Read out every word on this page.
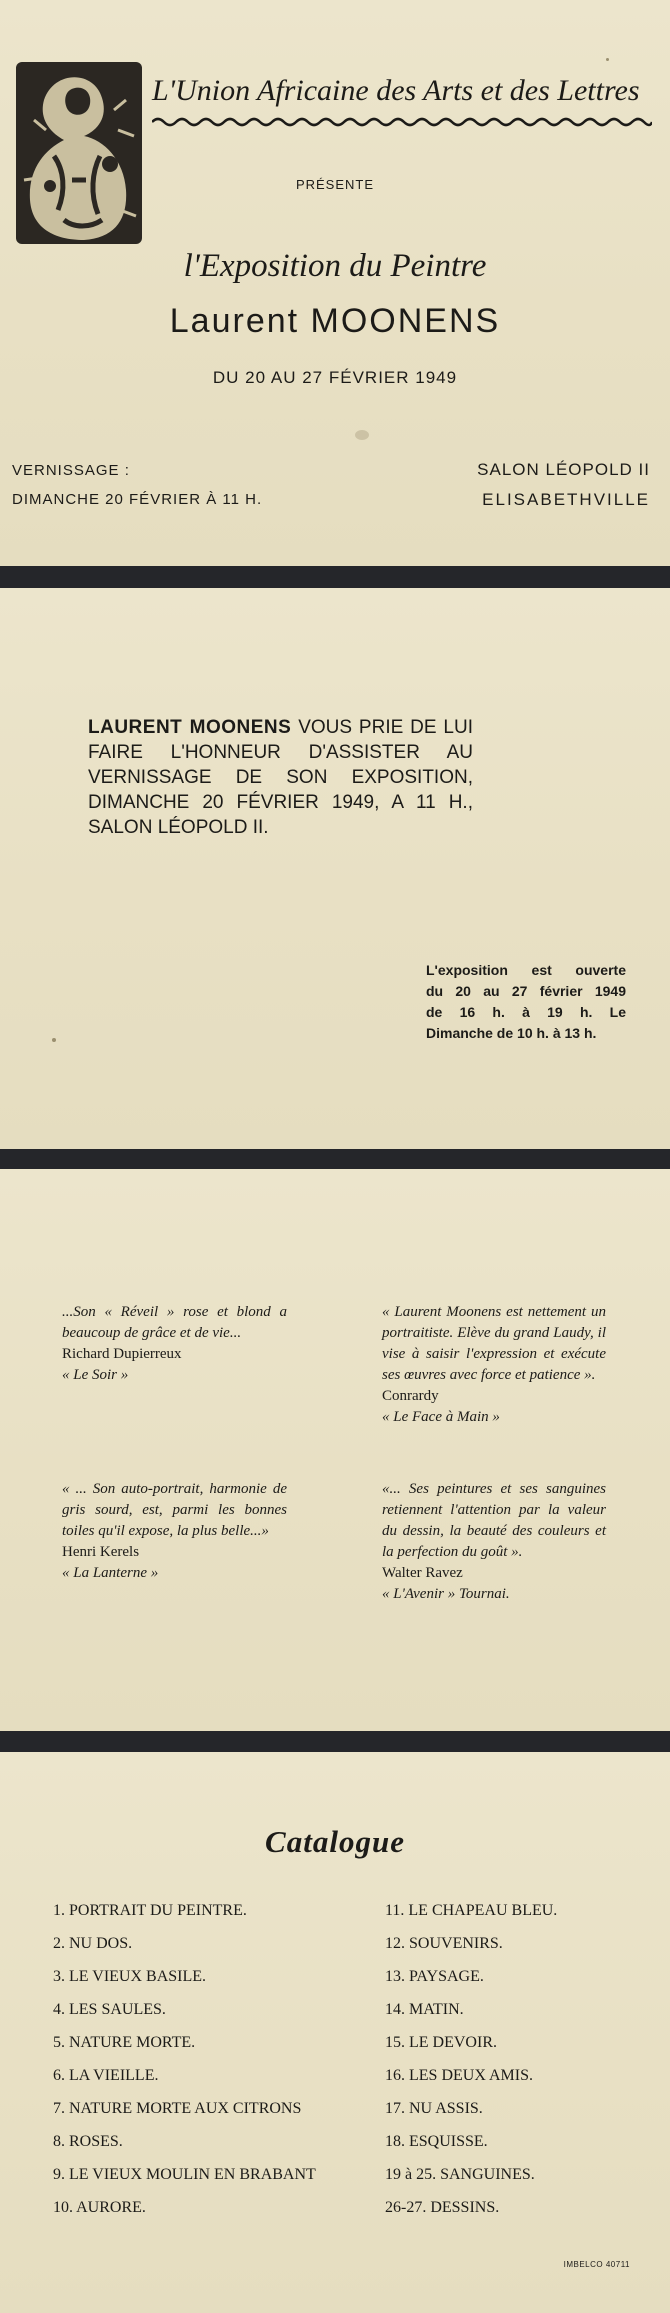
L'Union Africaine des Arts et des Lettres
PRÉSENTE
l'Exposition du Peintre
Laurent MOONENS
DU 20 AU 27 FÉVRIER 1949
VERNISSAGE :
DIMANCHE 20 FÉVRIER À 11 H.
SALON LÉOPOLD II
ELISABETHVILLE
LAURENT MOONENS VOUS PRIE DE LUI FAIRE L'HONNEUR D'ASSISTER AU VERNISSAGE DE SON EXPOSITION, DIMANCHE 20 FÉVRIER 1949, A 11 H., SALON LÉOPOLD II.
L'exposition est ouverte
du 20 au 27 février 1949
de 16 h. à 19 h. Le
Dimanche de 10 h. à 13 h.
...Son « Réveil » rose et blond a beaucoup de grâce et de vie...
Richard Dupierreux
« Le Soir »
« Laurent Moonens est nettement un portraitiste. Elève du grand Laudy, il vise à saisir l'expression et exécute ses œuvres avec force et patience ».
Conrardy
« Le Face à Main »
« ... Son auto-portrait, harmonie de gris sourd, est, parmi les bonnes toiles qu'il expose, la plus belle...»
Henri Kerels
« La Lanterne »
«... Ses peintures et ses sanguines retiennent l'attention par la valeur du dessin, la beauté des couleurs et la perfection du goût ».
Walter Ravez
« L'Avenir » Tournai.
Catalogue
1. PORTRAIT DU PEINTRE.
2. NU DOS.
3. LE VIEUX BASILE.
4. LES SAULES.
5. NATURE MORTE.
6. LA VIEILLE.
7. NATURE MORTE AUX CITRONS
8. ROSES.
9. LE VIEUX MOULIN EN BRABANT
10. AURORE.
11. LE CHAPEAU BLEU.
12. SOUVENIRS.
13. PAYSAGE.
14. MATIN.
15. LE DEVOIR.
16. LES DEUX AMIS.
17. NU ASSIS.
18. ESQUISSE.
19 à 25. SANGUINES.
26-27. DESSINS.
IMBELCO 40711
